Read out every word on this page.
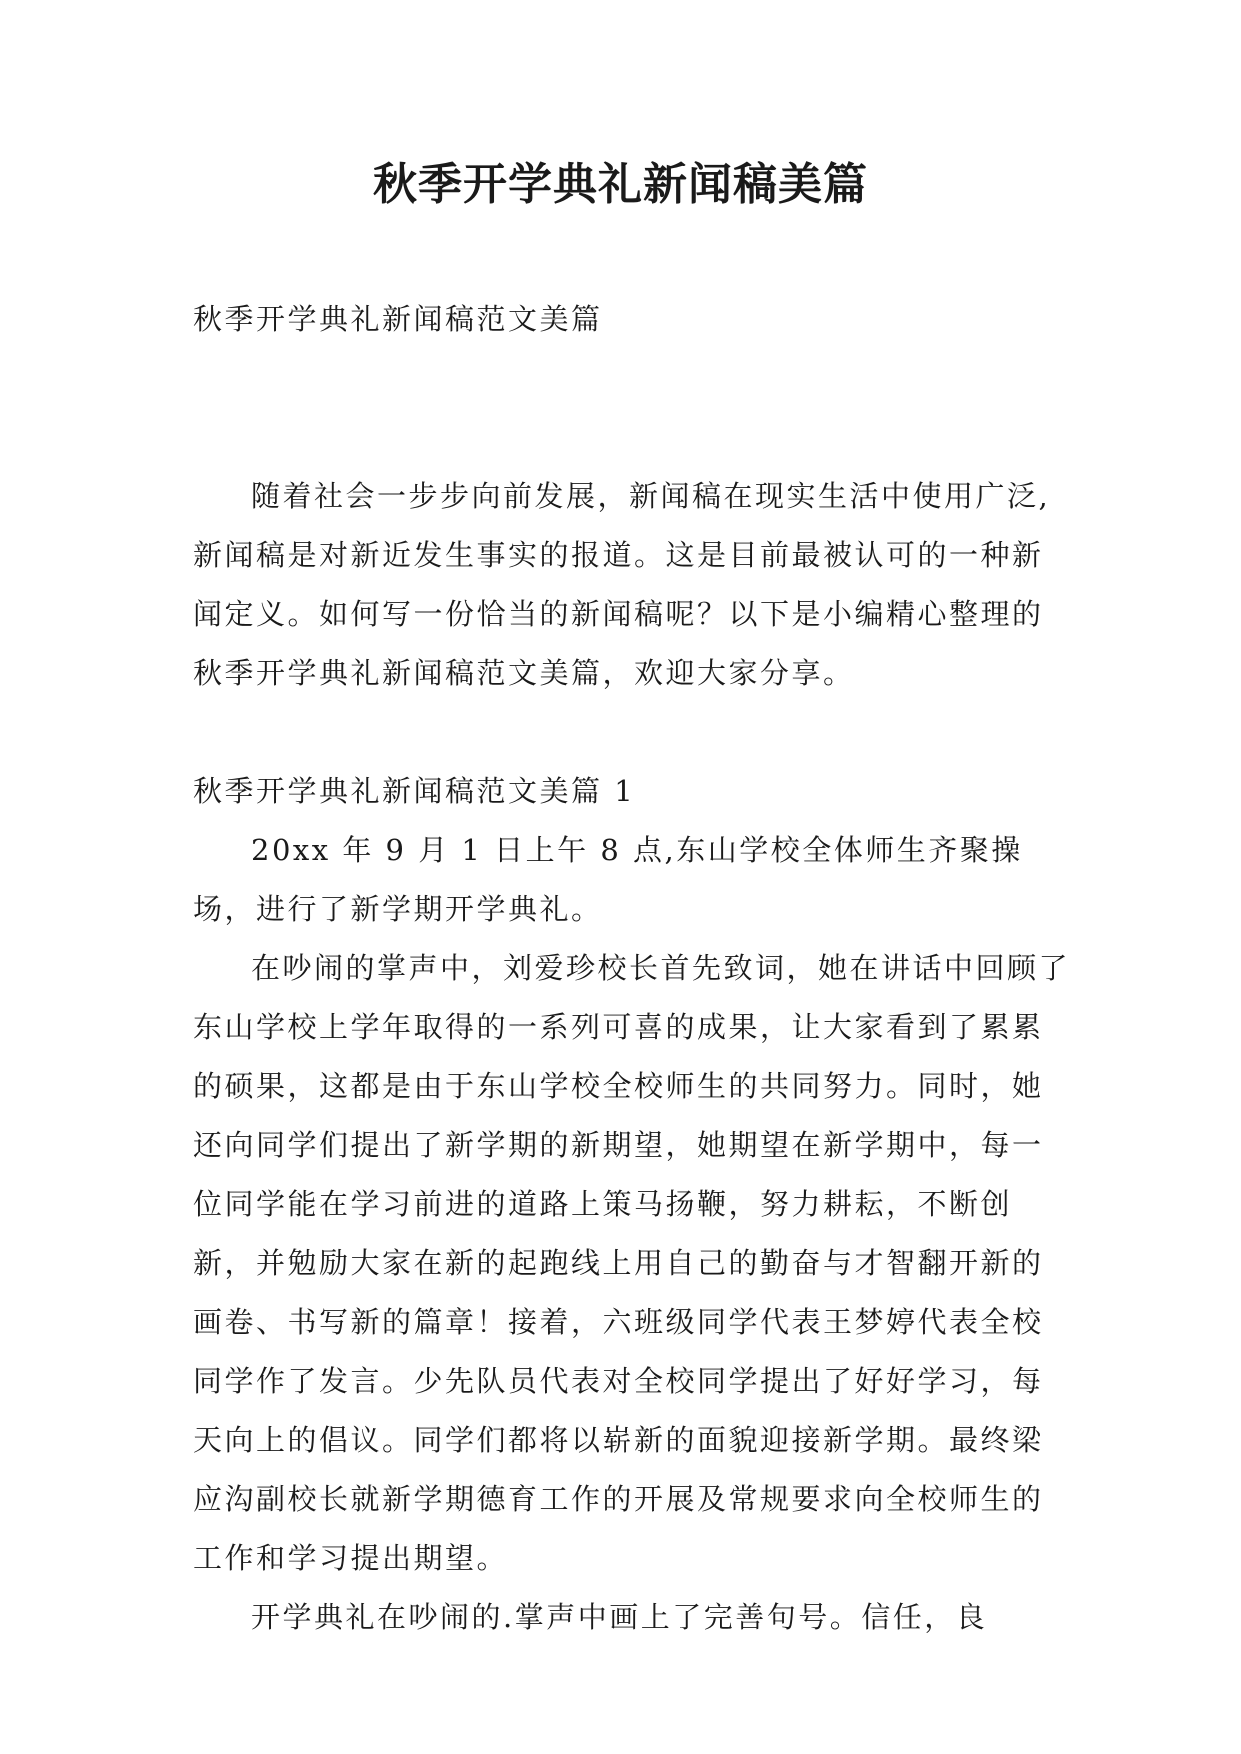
秋季开学典礼新闻稿美篇

秋季开学典礼新闻稿范文美篇

随着社会一步步向前发展，新闻稿在现实生活中使用广泛,新闻稿是对新近发生事实的报道。这是目前最被认可的一种新闻定义。如何写一份恰当的新闻稿呢？以下是小编精心整理的秋季开学典礼新闻稿范文美篇，欢迎大家分享。

秋季开学典礼新闻稿范文美篇 1

20xx 年 9 月 1 日上午 8 点,东山学校全体师生齐聚操场，进行了新学期开学典礼。

在吵闹的掌声中，刘爱珍校长首先致词，她在讲话中回顾了东山学校上学年取得的一系列可喜的成果，让大家看到了累累的硕果，这都是由于东山学校全校师生的共同努力。同时，她还向同学们提出了新学期的新期望，她期望在新学期中，每一位同学能在学习前进的道路上策马扬鞭，努力耕耘，不断创新，并勉励大家在新的起跑线上用自己的勤奋与才智翻开新的画卷、书写新的篇章！接着，六班级同学代表王梦婷代表全校同学作了发言。少先队员代表对全校同学提出了好好学习，每天向上的倡议。同学们都将以崭新的面貌迎接新学期。最终梁应沟副校长就新学期德育工作的开展及常规要求向全校师生的工作和学习提出期望。

开学典礼在吵闹的.掌声中画上了完善句号。信任，良
